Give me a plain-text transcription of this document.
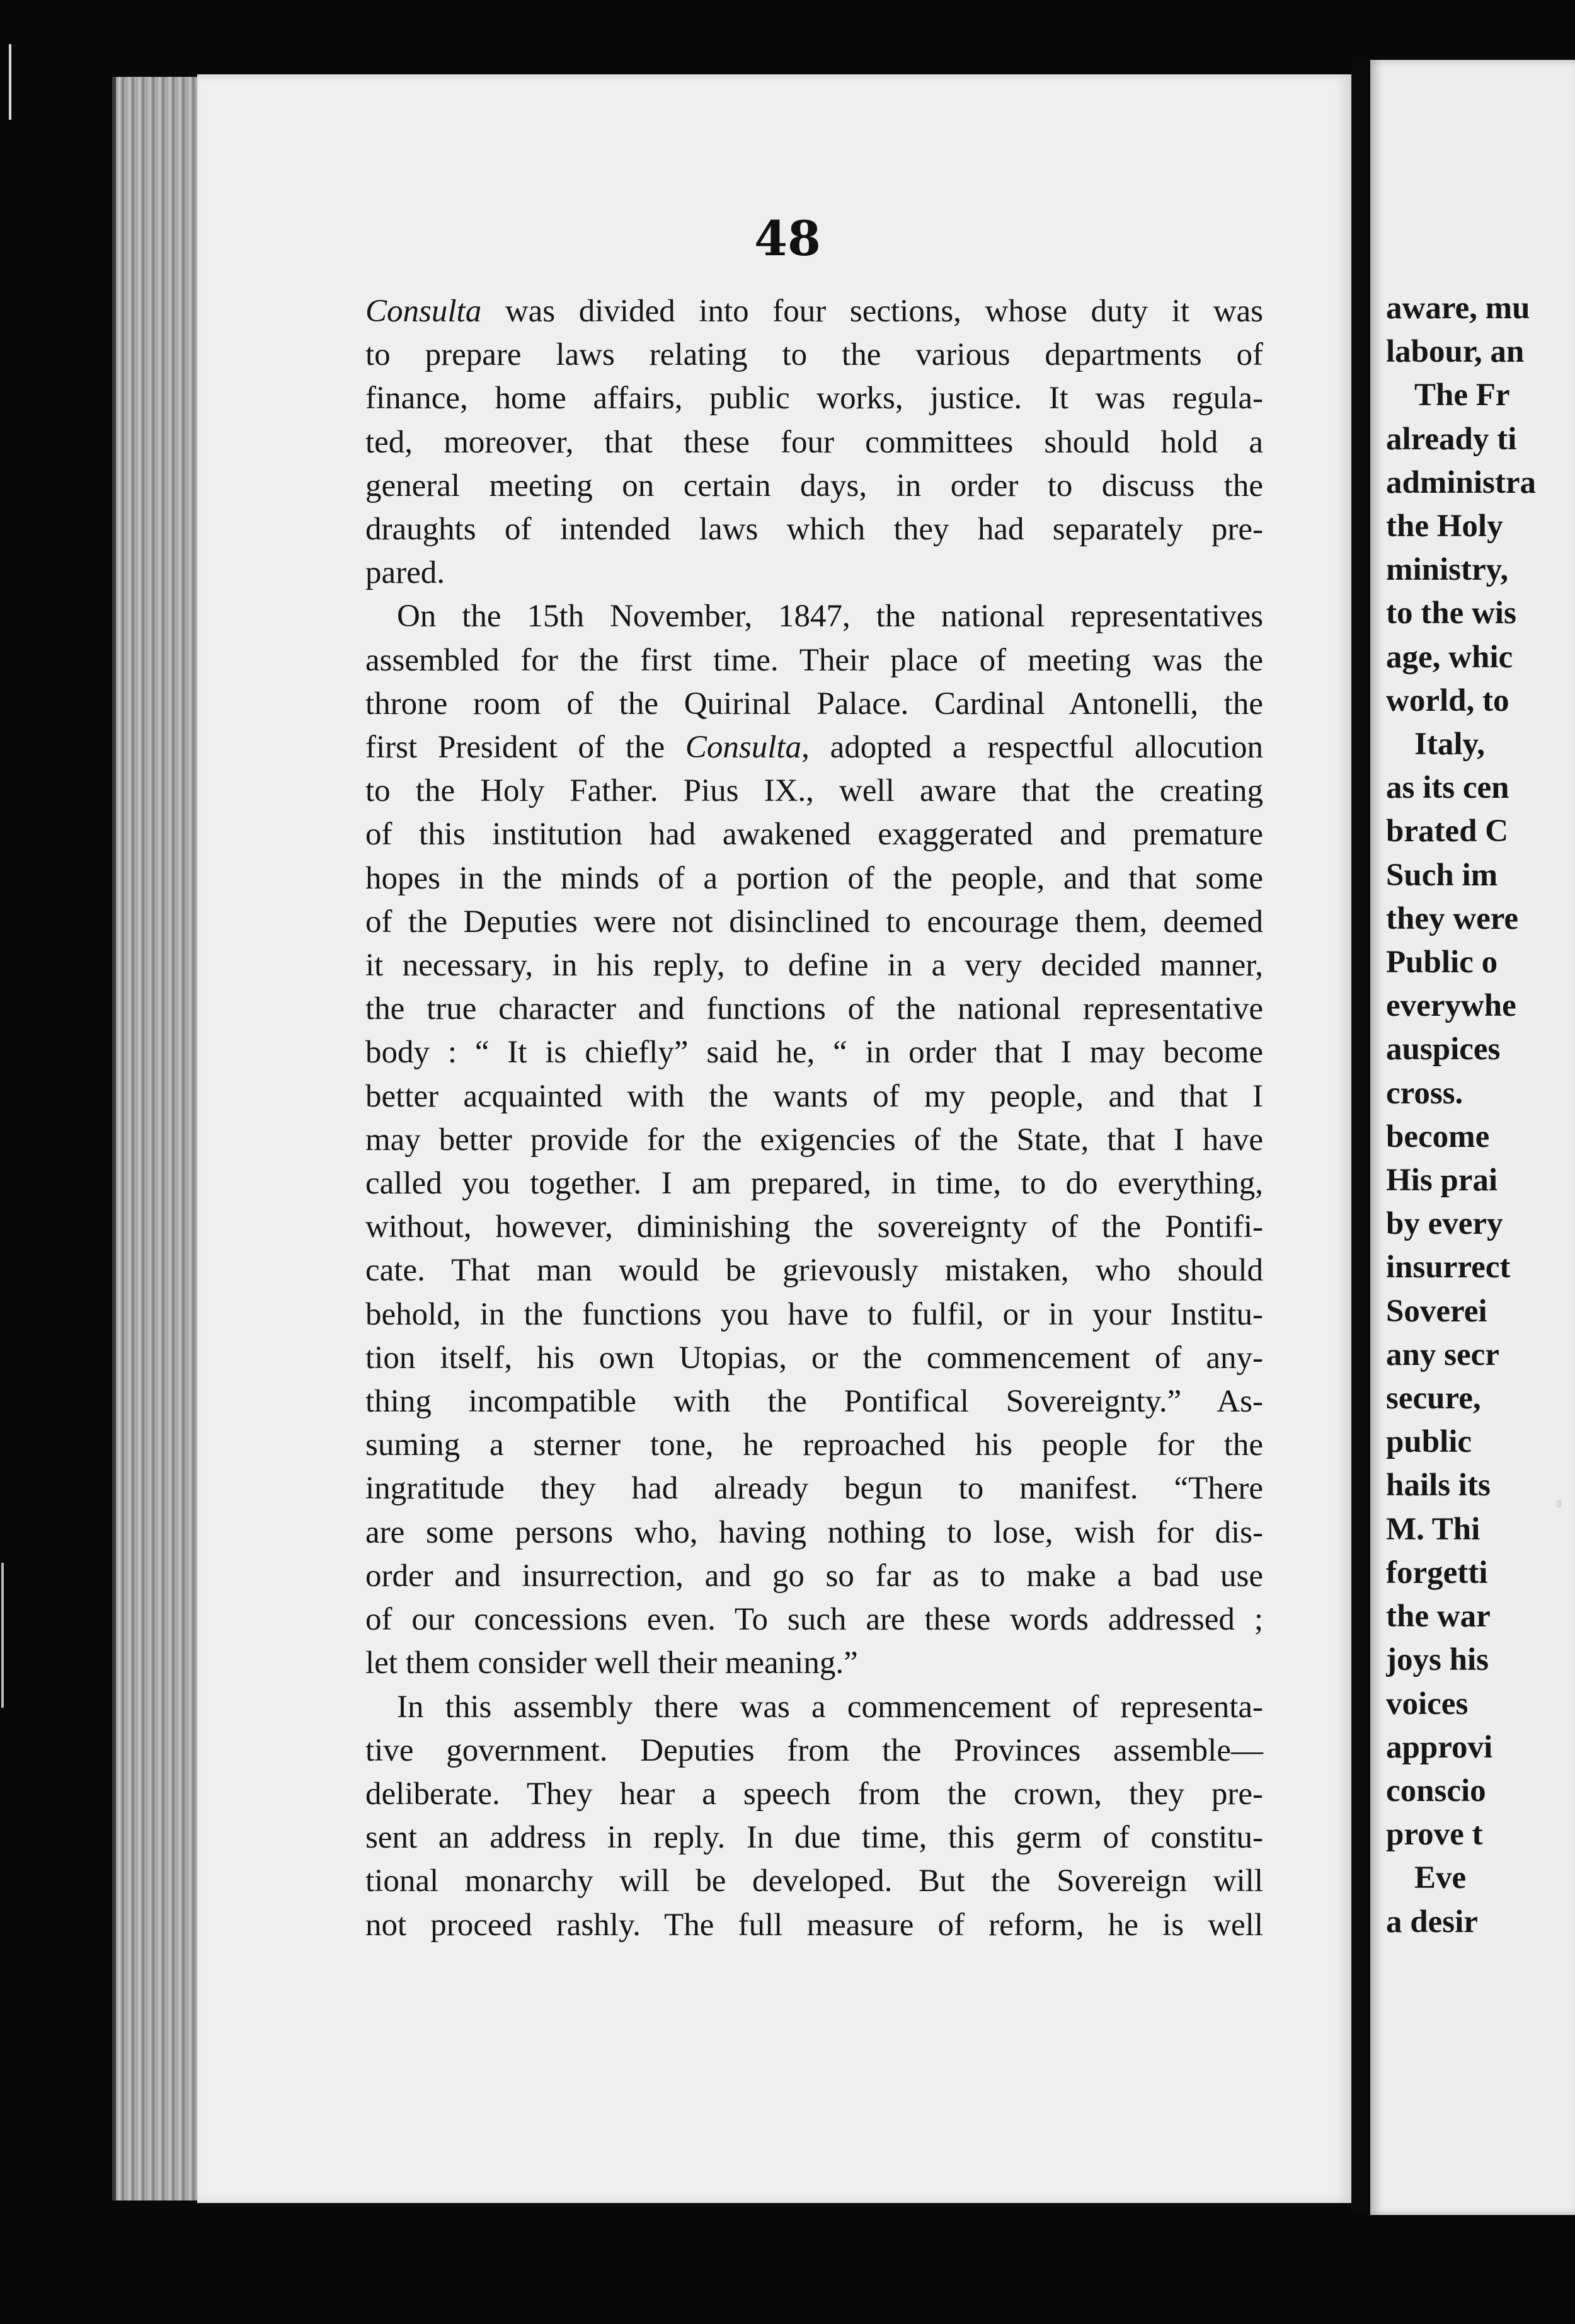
48
Consulta was divided into four sections, whose duty it was
to prepare laws relating to the various departments of
finance, home affairs, public works, justice. It was regula-
ted, moreover, that these four committees should hold a
general meeting on certain days, in order to discuss the
draughts of intended laws which they had separately pre-
pared.
On the 15th November, 1847, the national representatives
assembled for the first time. Their place of meeting was the
throne room of the Quirinal Palace. Cardinal Antonelli, the
first President of the Consulta, adopted a respectful allocution
to the Holy Father. Pius IX., well aware that the creating
of this institution had awakened exaggerated and premature
hopes in the minds of a portion of the people, and that some
of the Deputies were not disinclined to encourage them, deemed
it necessary, in his reply, to define in a very decided manner,
the true character and functions of the national representative
body : “ It is chiefly” said he, “ in order that I may become
better acquainted with the wants of my people, and that I
may better provide for the exigencies of the State, that I have
called you together. I am prepared, in time, to do everything,
without, however, diminishing the sovereignty of the Pontifi-
cate. That man would be grievously mistaken, who should
behold, in the functions you have to fulfil, or in your Institu-
tion itself, his own Utopias, or the commencement of any-
thing incompatible with the Pontifical Sovereignty.” As-
suming a sterner tone, he reproached his people for the
ingratitude they had already begun to manifest. “There
are some persons who, having nothing to lose, wish for dis-
order and insurrection, and go so far as to make a bad use
of our concessions even. To such are these words addressed ;
let them consider well their meaning.”
In this assembly there was a commencement of representa-
tive government. Deputies from the Provinces assemble—
deliberate. They hear a speech from the crown, they pre-
sent an address in reply. In due time, this germ of constitu-
tional monarchy will be developed. But the Sovereign will
not proceed rashly. The full measure of reform, he is well
aware, mu
labour, an
The Fr
already ti
administra
the Holy
ministry,
to the wis
age, whic
world, to
Italy,
as its cen
brated C
Such im
they were
Public o
everywhe
auspices
cross.
become
His prai
by every
insurrect
Soverei
any secr
secure,
public
hails its
M. Thi
forgetti
the war
joys his
voices
approvi
conscio
prove t
Eve
a desir
